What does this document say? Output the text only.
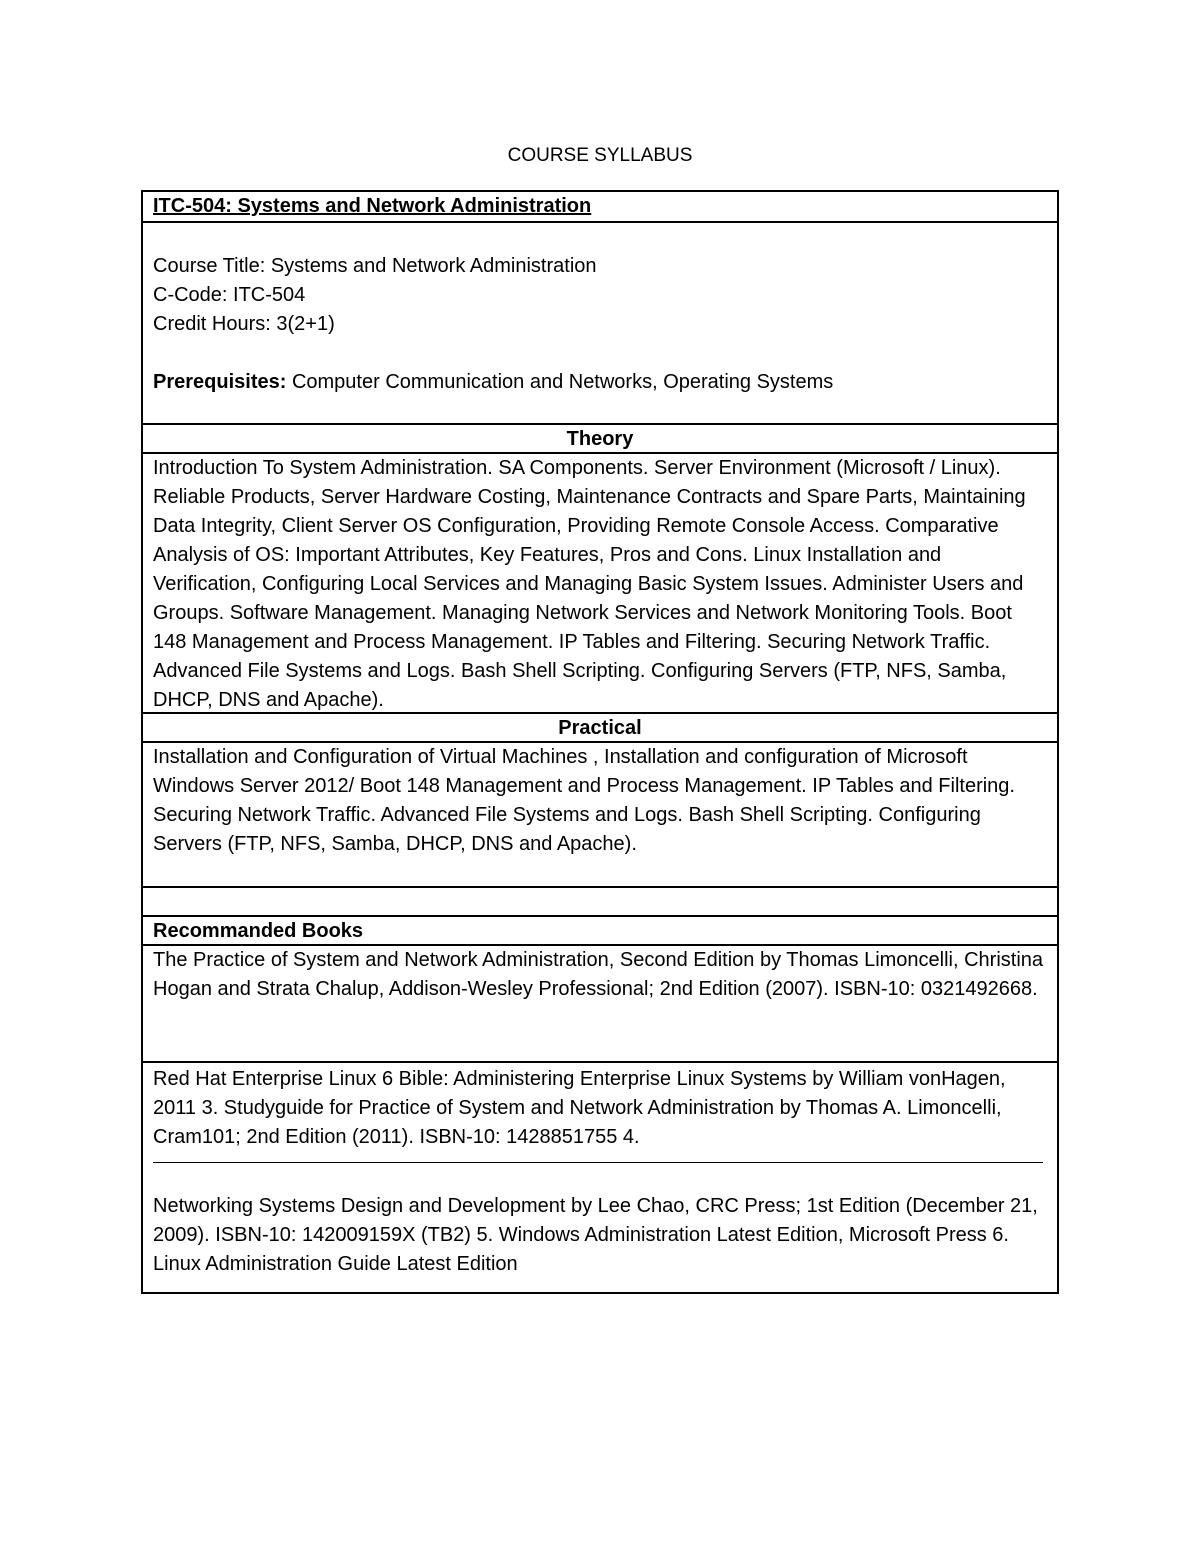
COURSE SYLLABUS
ITC-504: Systems and Network Administration
Course Title: Systems and Network Administration
C-Code: ITC-504
Credit Hours: 3(2+1)
Prerequisites: Computer Communication and Networks, Operating Systems
Theory
Introduction To System Administration. SA Components. Server Environment (Microsoft / Linux). Reliable Products, Server Hardware Costing, Maintenance Contracts and Spare Parts, Maintaining Data Integrity, Client Server OS Configuration, Providing Remote Console Access. Comparative Analysis of OS: Important Attributes, Key Features, Pros and Cons. Linux Installation and Verification, Configuring Local Services and Managing Basic System Issues. Administer Users and Groups. Software Management. Managing Network Services and Network Monitoring Tools. Boot 148 Management and Process Management. IP Tables and Filtering. Securing Network Traffic. Advanced File Systems and Logs. Bash Shell Scripting. Configuring Servers (FTP, NFS, Samba, DHCP, DNS and Apache).
Practical
Installation and Configuration of Virtual Machines , Installation and configuration of Microsoft Windows Server 2012/ Boot 148 Management and Process Management. IP Tables and Filtering. Securing Network Traffic. Advanced File Systems and Logs. Bash Shell Scripting. Configuring Servers (FTP, NFS, Samba, DHCP, DNS and Apache).
Recommanded Books
The Practice of System and Network Administration, Second Edition by Thomas Limoncelli, Christina Hogan and Strata Chalup, Addison-Wesley Professional; 2nd Edition (2007). ISBN-10: 0321492668.
Red Hat Enterprise Linux 6 Bible: Administering Enterprise Linux Systems by William vonHagen, 2011 3. Studyguide for Practice of System and Network Administration by Thomas A. Limoncelli, Cram101; 2nd Edition (2011). ISBN-10: 1428851755 4.
Networking Systems Design and Development by Lee Chao, CRC Press; 1st Edition (December 21, 2009). ISBN-10: 142009159X (TB2) 5. Windows Administration Latest Edition, Microsoft Press 6. Linux Administration Guide Latest Edition
